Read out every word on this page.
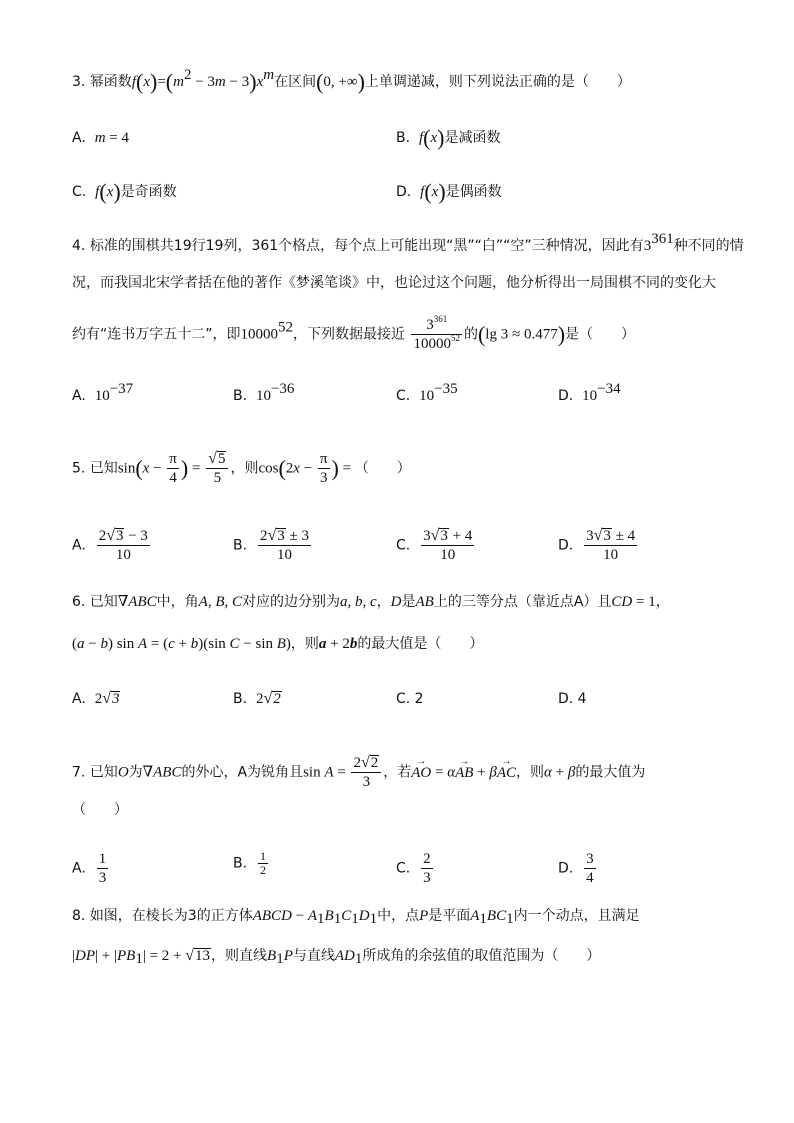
3. 幂函数$f(x)=(m^2 - 3m - 3)x^m$在区间(0, +∞)上单调递减，则下列说法正确的是（　　）
A. m = 4	B. f(x)是减函数
C. f(x)是奇函数	D. f(x)是偶函数
4. 标准的围棋共19行19列，361个格点，每个点上可能出现“黑”“白”“空”三种情况，因此有$3^{361}$种不同的情
况，而我国北宋学者括在他的著作《梦溪笔谈》中，也论过这个问题，他分析得出一局围棋不同的变化大
约有“连书万字五十二”，即10000$^{52}$，下列数据最接近 $\frac{3^{361}}{10000^{52}}$ 的(lg 3 ≈ 0.477)是（　　）
A. $10^{-37}$	B. $10^{-36}$	C. $10^{-35}$	D. $10^{-34}$
5. 已知$\sin(x - \frac{\pi}{4}$ ) = $\frac{√5}{5}$ ，则$\cos(2x - \frac{\pi}{3}$ ) = （　　）
A. $\frac{2√3 - 3}{10}$	B. $\frac{2√3 \pm 3}{10}$	C. $\frac{3√3 + 4}{10}$	D. $\frac{3√3 \pm 4}{10}$
6. 已知∇ABC中，角A, B, C对应的边分别为a, b, c，D是AB上的三等分点（靠近点A）且CD = 1，
(a − b) sin A = (c + b)(sin C − sin B)，则a + 2b的最大值是（　　）
A. 2√3	B. 2√2	C. 2	D. 4
7. 已知O为∇ABC的外心，A为锐角且$\sin A = \frac{2√2}{3}$ ，若→ AO = α→ AB + β→ AC，则α + β的最大值为
（　　）
A. $\frac{1}{3}$	B. $\frac{1}{2}$	C. $\frac{2}{3}$	D. $\frac{3}{4}$
8. 如图，在棱长为3的正方体ABCD − $A_1B_1C_1D_1$中，点P是平面$A_1BC_1$内一个动点，且满足
$|DP| + |PB_1| = 2 + √13$，则直线$B_1P$与直线$AD_1$所成角的余弦值的取值范围为（　　）
